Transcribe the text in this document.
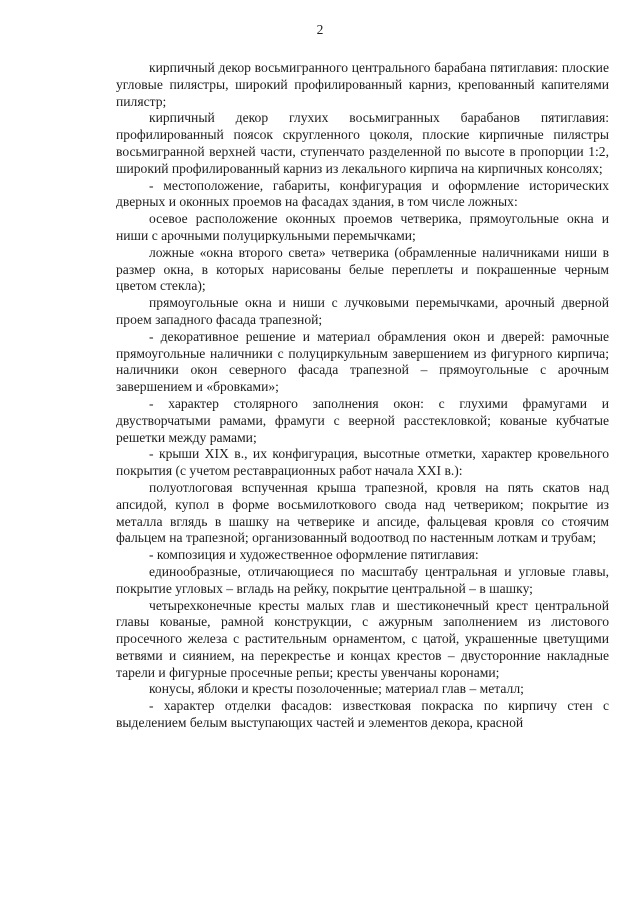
2

кирпичный декор восьмигранного центрального барабана пятиглавия: плоские угловые пилястры, широкий профилированный карниз, крепованный капителями пилястр;

кирпичный декор глухих восьмигранных барабанов пятиглавия: профилированный поясок скругленного цоколя, плоские кирпичные пилястры восьмигранной верхней части, ступенчато разделенной по высоте в пропорции 1:2, широкий профилированный карниз из лекального кирпича на кирпичных консолях;

- местоположение, габариты, конфигурация и оформление исторических дверных и оконных проемов на фасадах здания, в том числе ложных:

осевое расположение оконных проемов четверика, прямоугольные окна и ниши с арочными полуциркульными перемычками;

ложные «окна второго света» четверика (обрамленные наличниками ниши в размер окна, в которых нарисованы белые переплеты и покрашенные черным цветом стекла);

прямоугольные окна и ниши с лучковыми перемычками, арочный дверной проем западного фасада трапезной;

- декоративное решение и материал обрамления окон и дверей: рамочные прямоугольные наличники с полуциркульным завершением из фигурного кирпича; наличники окон северного фасада трапезной – прямоугольные с арочным завершением и «бровками»;

- характер столярного заполнения окон: с глухими фрамугами и двустворчатыми рамами, фрамуги с веерной расстекловкой; кованые кубчатые решетки между рамами;

- крыши XIX в., их конфигурация, высотные отметки, характер кровельного покрытия (с учетом реставрационных работ начала XXI в.):

полуотлоговая вспученная крыша трапезной, кровля на пять скатов над апсидой, купол в форме восьмилоткового свода над четвериком; покрытие из металла вглядь в шашку на четверике и апсиде, фальцевая кровля со стоячим фальцем на трапезной; организованный водоотвод по настенным лоткам и трубам;

- композиция и художественное оформление пятиглавия:

единообразные, отличающиеся по масштабу центральная и угловые главы, покрытие угловых – вгладь на рейку, покрытие центральной – в шашку;

четырехконечные кресты малых глав и шестиконечный крест центральной главы кованые, рамной конструкции, с ажурным заполнением из листового просечного железа с растительным орнаментом, с цатой, украшенные цветущими ветвями и сиянием, на перекрестье и концах крестов – двусторонние накладные тарели и фигурные просечные репьи; кресты увенчаны коронами;

конусы, яблоки и кресты позолоченные; материал глав – металл;

- характер отделки фасадов: известковая покраска по кирпичу стен с выделением белым выступающих частей и элементов декора, красной
